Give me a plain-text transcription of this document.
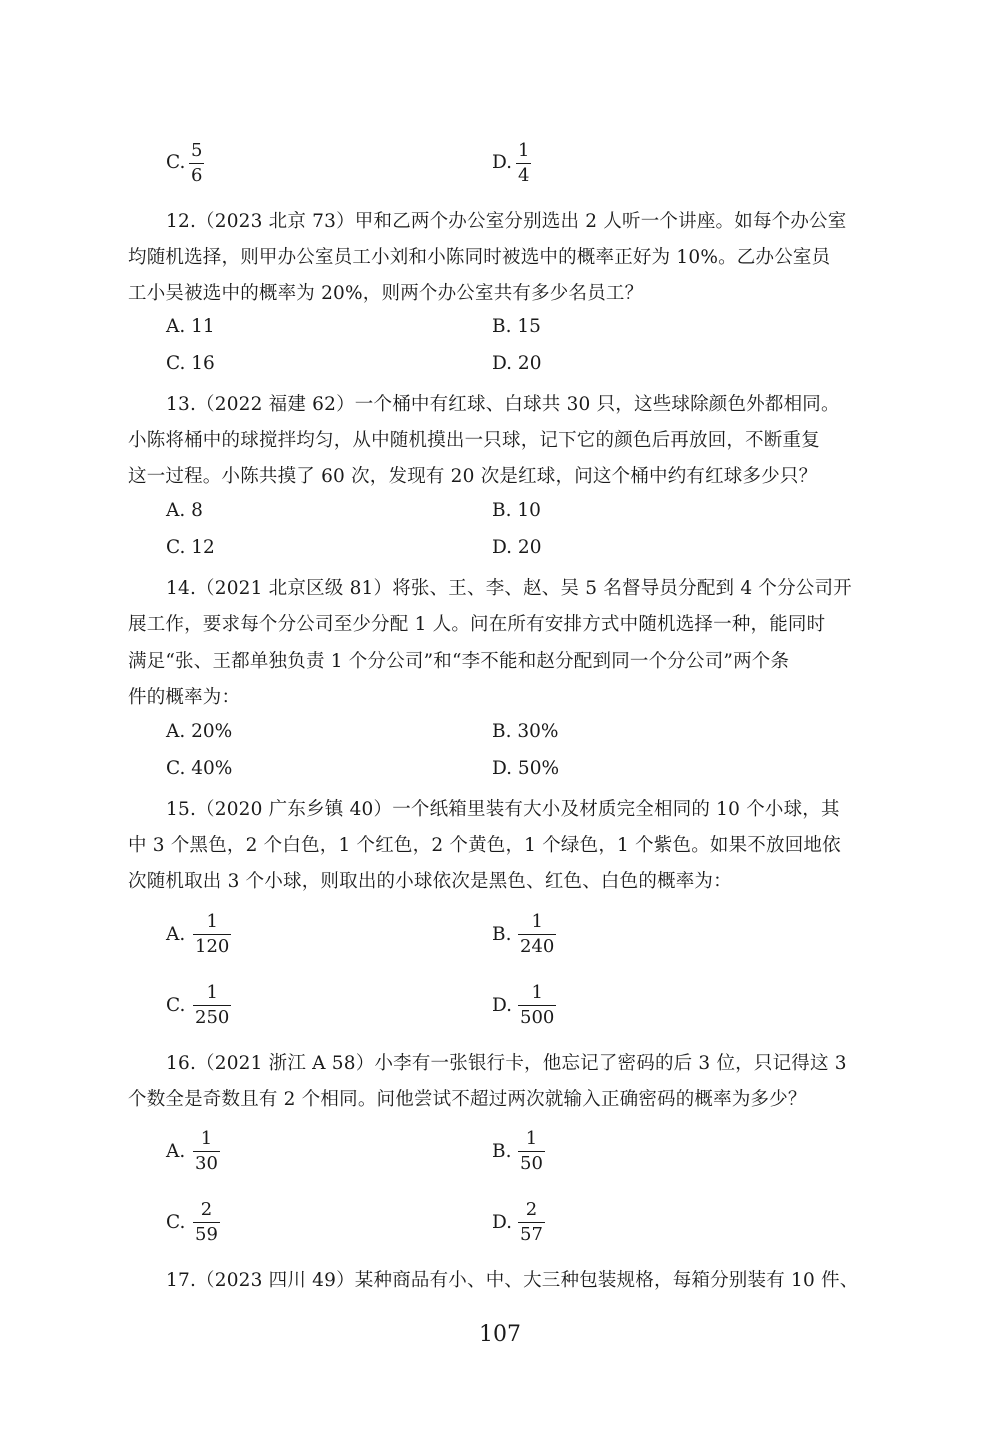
C.
5
6
D.
1
4
12.（2023 北京 73）甲和乙两个办公室分别选出 2 人听一个讲座。如每个办公室
均随机选择，则甲办公室员工小刘和小陈同时被选中的概率正好为 10%。乙办公室员
工小吴被选中的概率为 20%，则两个办公室共有多少名员工？
A. 11	B. 15
C. 16	D. 20
13.（2022 福建 62）一个桶中有红球、白球共 30 只，这些球除颜色外都相同。
小陈将桶中的球搅拌均匀，从中随机摸出一只球，记下它的颜色后再放回，不断重复
这一过程。小陈共摸了 60 次，发现有 20 次是红球，问这个桶中约有红球多少只？
A. 8	B. 10
C. 12	D. 20
14.（2021 北京区级 81）将张、王、李、赵、吴 5 名督导员分配到 4 个分公司开
展工作，要求每个分公司至少分配 1 人。问在所有安排方式中随机选择一种，能同时
满足“张、王都单独负责 1 个分公司”和“李不能和赵分配到同一个分公司”两个条
件的概率为：
A. 20%	B. 30%
C. 40%	D. 50%
15.（2020 广东乡镇 40）一个纸箱里装有大小及材质完全相同的 10 个小球，其
中 3 个黑色，2 个白色，1 个红色，2 个黄色，1 个绿色，1 个紫色。如果不放回地依
次随机取出 3 个小球，则取出的小球依次是黑色、红色、白色的概率为：
A.
1
120
B.
1
240
C.
1
250
D.
1
500
16.（2021 浙江 A 58）小李有一张银行卡，他忘记了密码的后 3 位，只记得这 3
个数全是奇数且有 2 个相同。问他尝试不超过两次就输入正确密码的概率为多少？
A.
1
30
B.
1
50
C.
2
59
D.
2
57
17.（2023 四川 49）某种商品有小、中、大三种包装规格，每箱分别装有 10 件、
107
